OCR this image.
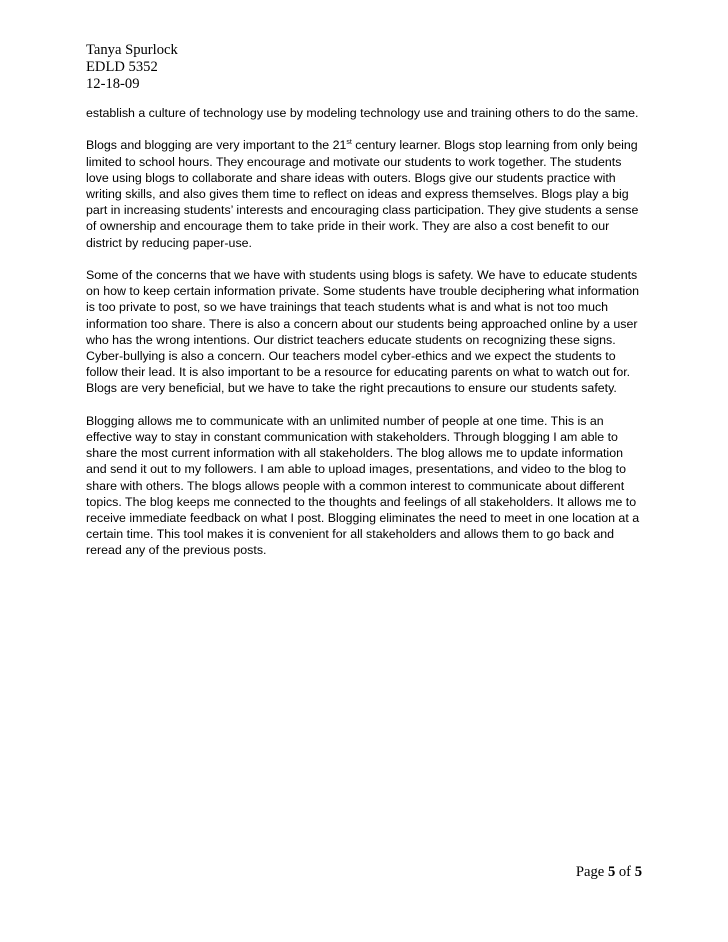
Tanya Spurlock
EDLD 5352
12-18-09

establish a culture of technology use by modeling technology use and training others to do the same.

Blogs and blogging are very important to the 21st century learner. Blogs stop learning from only being limited to school hours. They encourage and motivate our students to work together. The students love using blogs to collaborate and share ideas with outers. Blogs give our students practice with writing skills, and also gives them time to reflect on ideas and express themselves. Blogs play a big part in increasing students’ interests and encouraging class participation. They give students a sense of ownership and encourage them to take pride in their work. They are also a cost benefit to our district by reducing paper-use.

Some of the concerns that we have with students using blogs is safety. We have to educate students on how to keep certain information private. Some students have trouble deciphering what information is too private to post, so we have trainings that teach students what is and what is not too much information too share. There is also a concern about our students being approached online by a user who has the wrong intentions. Our district teachers educate students on recognizing these signs. Cyber-bullying is also a concern. Our teachers model cyber-ethics and we expect the students to follow their lead. It is also important to be a resource for educating parents on what to watch out for. Blogs are very beneficial, but we have to take the right precautions to ensure our students safety.

Blogging allows me to communicate with an unlimited number of people at one time. This is an effective way to stay in constant communication with stakeholders. Through blogging I am able to share the most current information with all stakeholders. The blog allows me to update information and send it out to my followers. I am able to upload images, presentations, and video to the blog to share with others. The blogs allows people with a common interest to communicate about different topics. The blog keeps me connected to the thoughts and feelings of all stakeholders. It allows me to receive immediate feedback on what I post. Blogging eliminates the need to meet in one location at a certain time. This tool makes it is convenient for all stakeholders and allows them to go back and reread any of the previous posts.

Page 5 of 5
